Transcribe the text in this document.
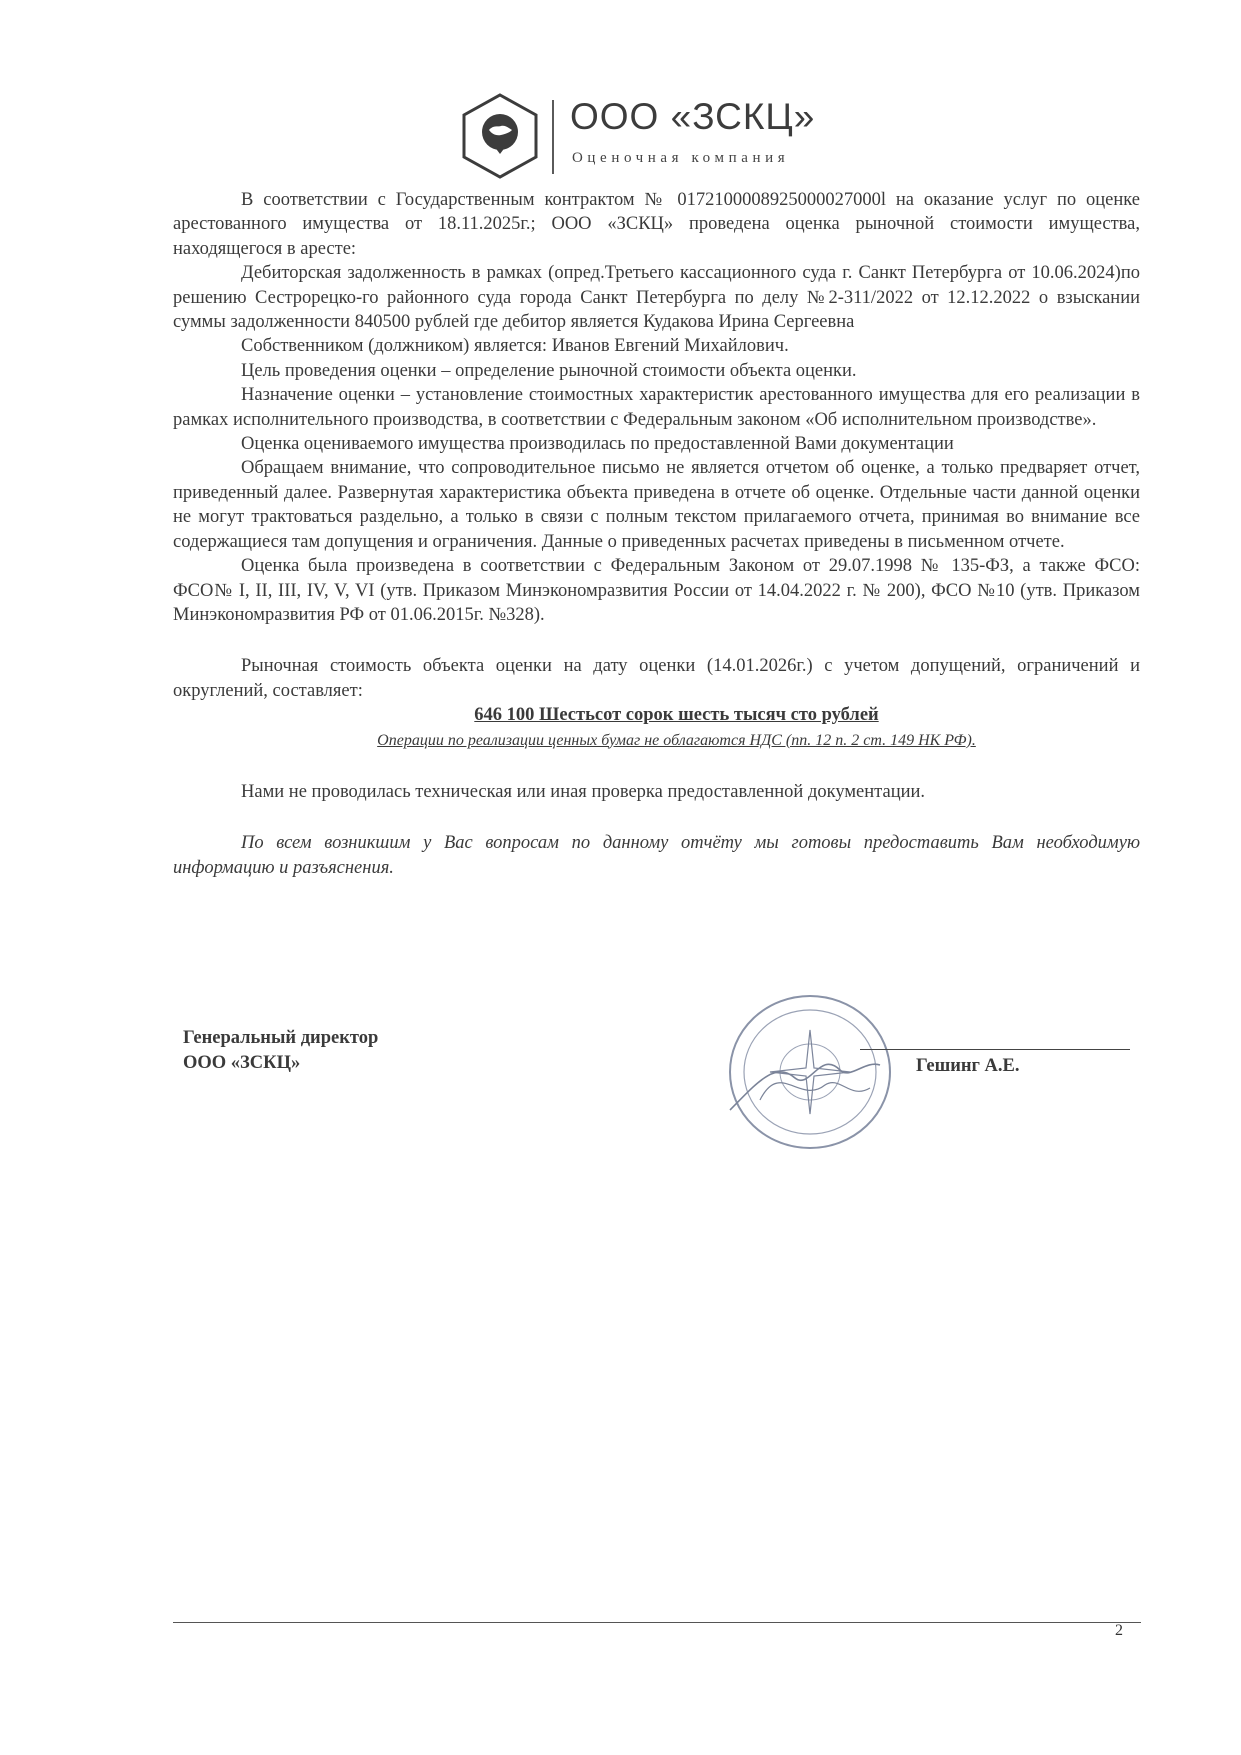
ООО «ЗСКЦ»
Оценочная компания

В соответствии с Государственным контрактом № 0172100008925000027000l на оказание услуг по оценке арестованного имущества от 18.11.2025г.; ООО «ЗСКЦ» проведена оценка рыночной стоимости имущества, находящегося в аресте:

Дебиторская задолженность в рамках (опред.Третьего кассационного суда г. Санкт Петербурга от 10.06.2024)по решению Сестрорецко-го районного суда города Санкт Петербурга по делу №2-311/2022 от 12.12.2022 о взыскании суммы задолженности 840500 рублей где дебитор является Кудакова Ирина Сергеевна

Собственником (должником) является: Иванов Евгений Михайлович.

Цель проведения оценки – определение рыночной стоимости объекта оценки.

Назначение оценки – установление стоимостных характеристик арестованного имущества для его реализации в рамках исполнительного производства, в соответствии с Федеральным законом «Об исполнительном производстве».

Оценка оцениваемого имущества производилась по предоставленной Вами документации

Обращаем внимание, что сопроводительное письмо не является отчетом об оценке, а только предваряет отчет, приведенный далее. Развернутая характеристика объекта приведена в отчете об оценке. Отдельные части данной оценки не могут трактоваться раздельно, а только в связи с полным текстом прилагаемого отчета, принимая во внимание все содержащиеся там допущения и ограничения. Данные о приведенных расчетах приведены в письменном отчете.

Оценка была произведена в соответствии с Федеральным Законом от 29.07.1998 № 135-ФЗ, а также ФСО: ФСО№ I, II, III, IV, V, VI (утв. Приказом Минэкономразвития России от 14.04.2022 г. № 200), ФСО №10 (утв. Приказом Минэкономразвития РФ от 01.06.2015г. №328).

Рыночная стоимость объекта оценки на дату оценки (14.01.2026г.) с учетом допущений, ограничений и округлений, составляет:

646 100 Шестьсот сорок шесть тысяч сто рублей
Операции по реализации ценных бумаг не облагаются НДС (пп. 12 п. 2 ст. 149 НК РФ).

Нами не проводилась техническая или иная проверка предоставленной документации.

По всем возникшим у Вас вопросам по данному отчёту мы готовы предоставить Вам необходимую информацию и разъяснения.

Генеральный директор
ООО «ЗСКЦ»	Гешинг А.Е.
2
